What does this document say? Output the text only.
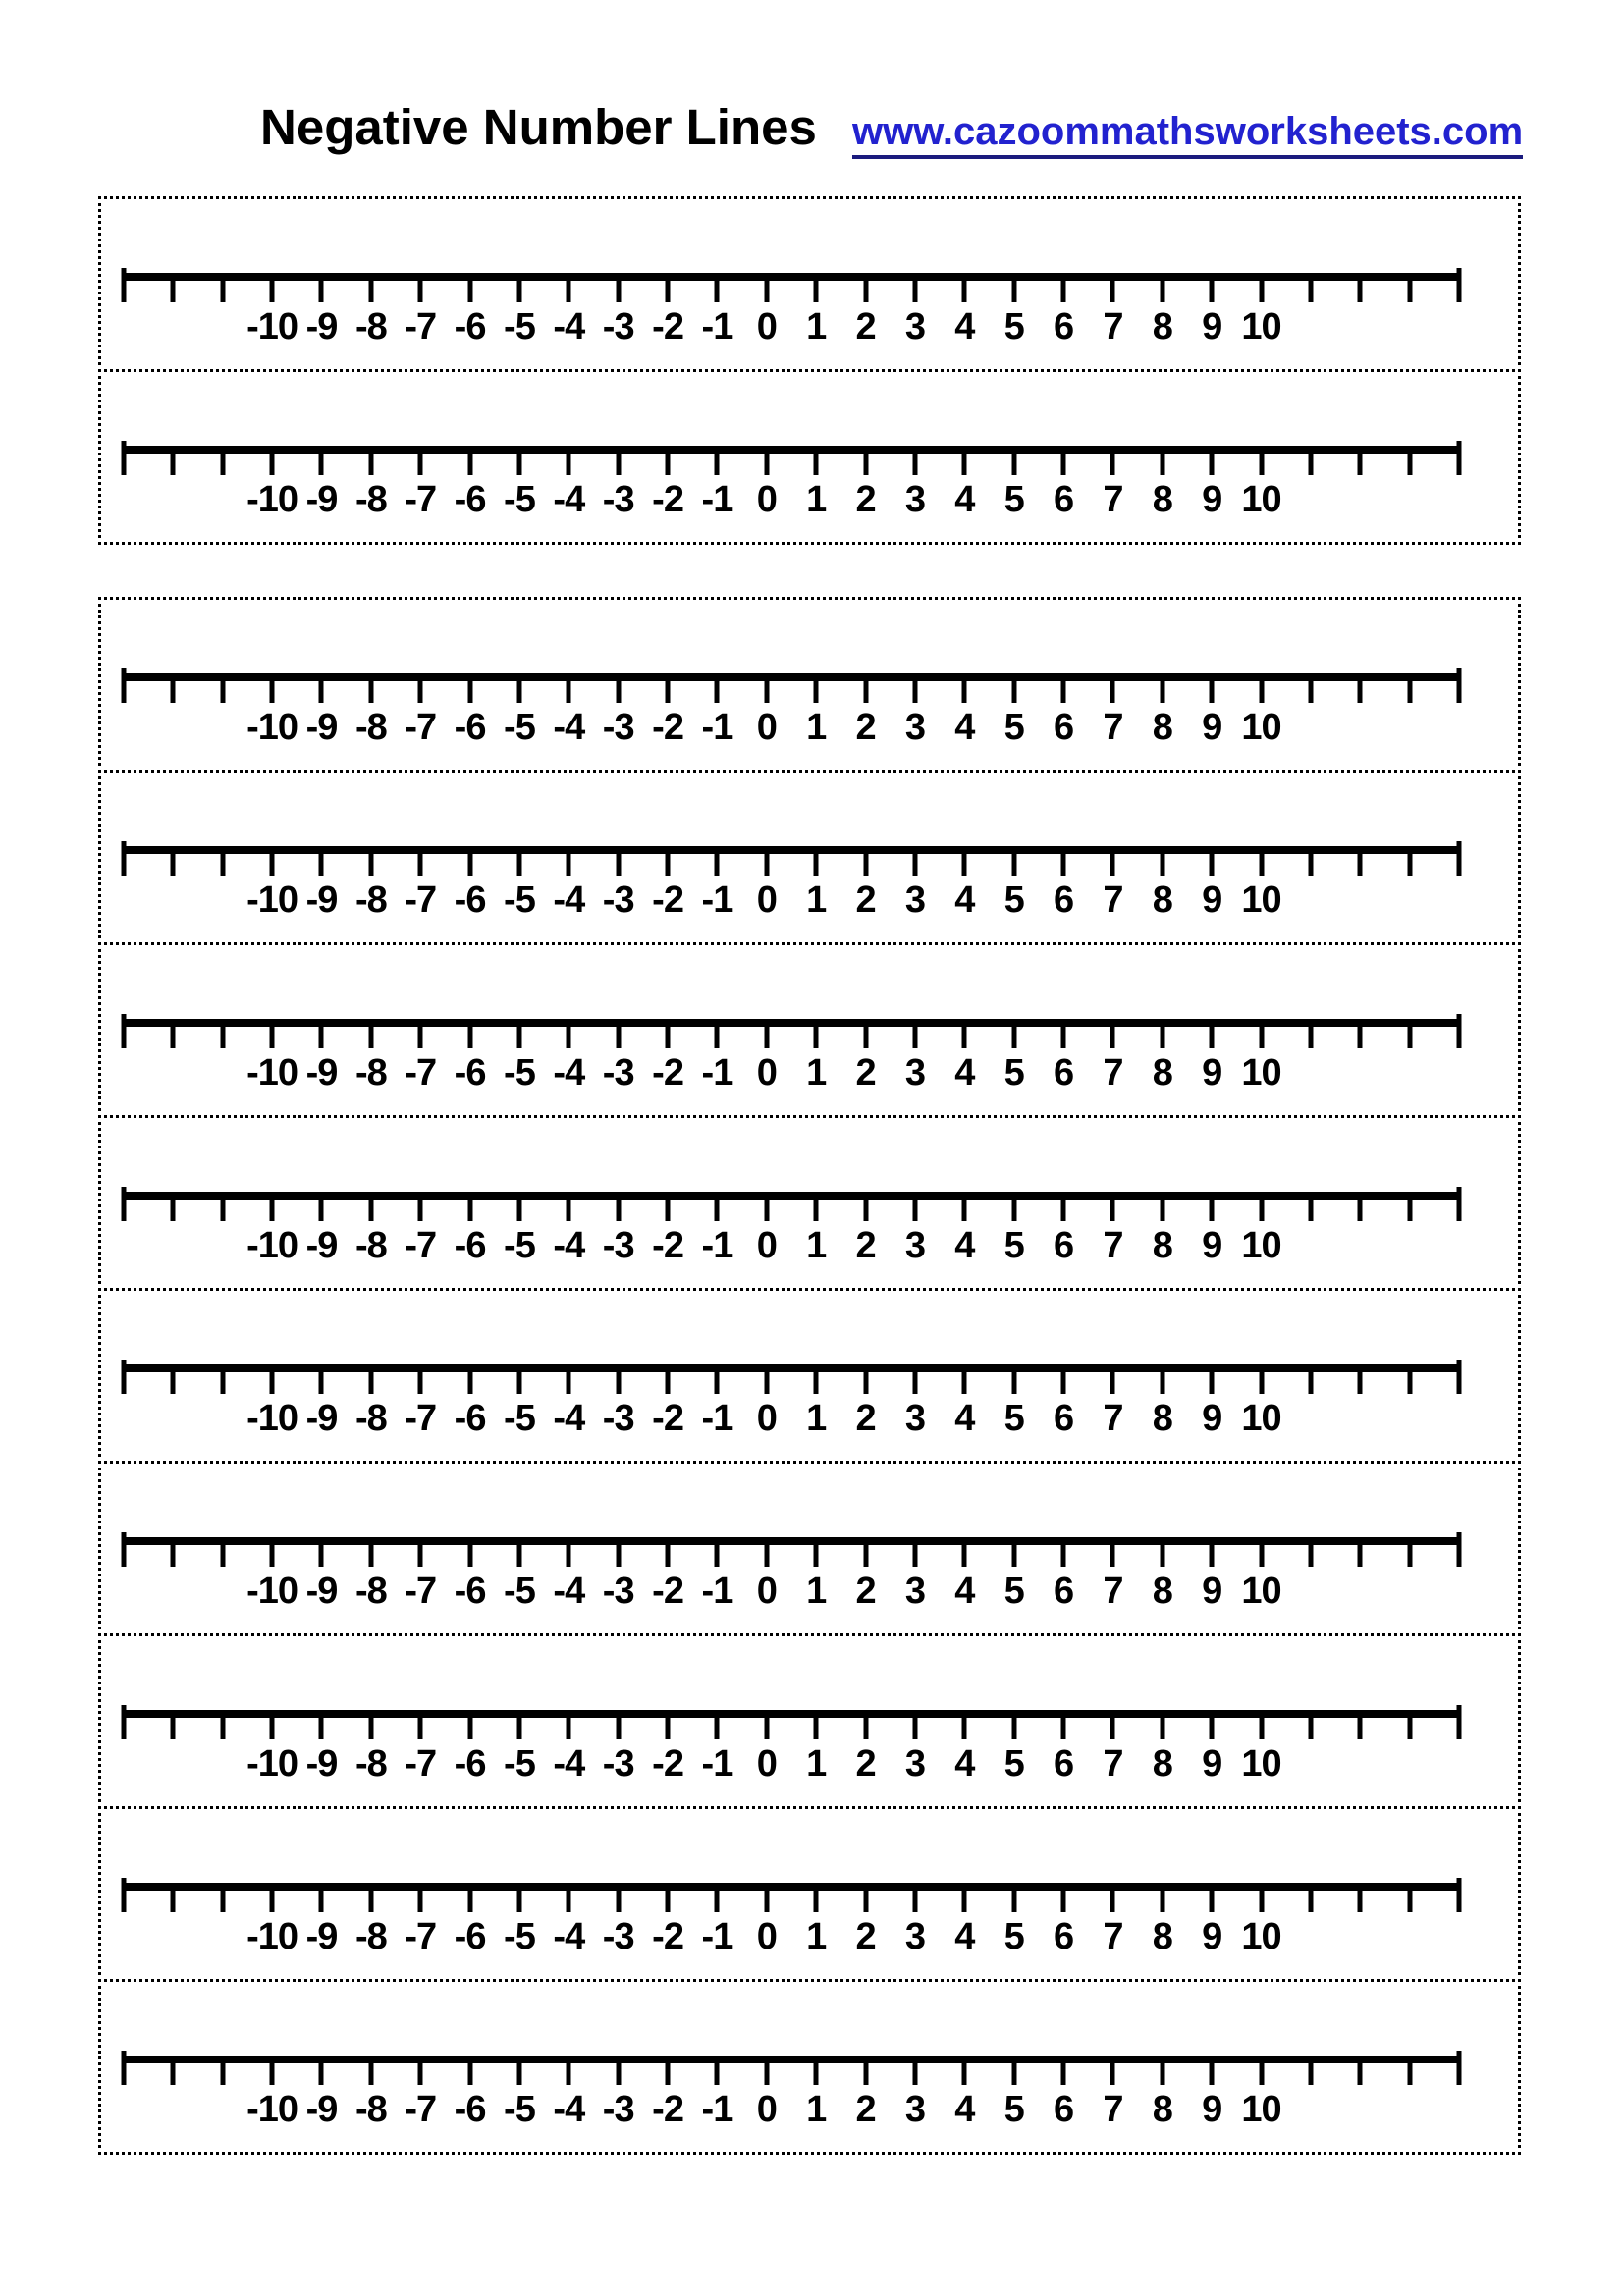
Negative Number Lines www.cazoommathsworksheets.com
-10 -9 -8 -7 -6 -5 -4 -3 -2 -1 0 1 2 3 4 5 6 7 8 9 10
-10 -9 -8 -7 -6 -5 -4 -3 -2 -1 0 1 2 3 4 5 6 7 8 9 10
-10 -9 -8 -7 -6 -5 -4 -3 -2 -1 0 1 2 3 4 5 6 7 8 9 10
-10 -9 -8 -7 -6 -5 -4 -3 -2 -1 0 1 2 3 4 5 6 7 8 9 10
-10 -9 -8 -7 -6 -5 -4 -3 -2 -1 0 1 2 3 4 5 6 7 8 9 10
-10 -9 -8 -7 -6 -5 -4 -3 -2 -1 0 1 2 3 4 5 6 7 8 9 10
-10 -9 -8 -7 -6 -5 -4 -3 -2 -1 0 1 2 3 4 5 6 7 8 9 10
-10 -9 -8 -7 -6 -5 -4 -3 -2 -1 0 1 2 3 4 5 6 7 8 9 10
-10 -9 -8 -7 -6 -5 -4 -3 -2 -1 0 1 2 3 4 5 6 7 8 9 10
-10 -9 -8 -7 -6 -5 -4 -3 -2 -1 0 1 2 3 4 5 6 7 8 9 10
-10 -9 -8 -7 -6 -5 -4 -3 -2 -1 0 1 2 3 4 5 6 7 8 9 10
